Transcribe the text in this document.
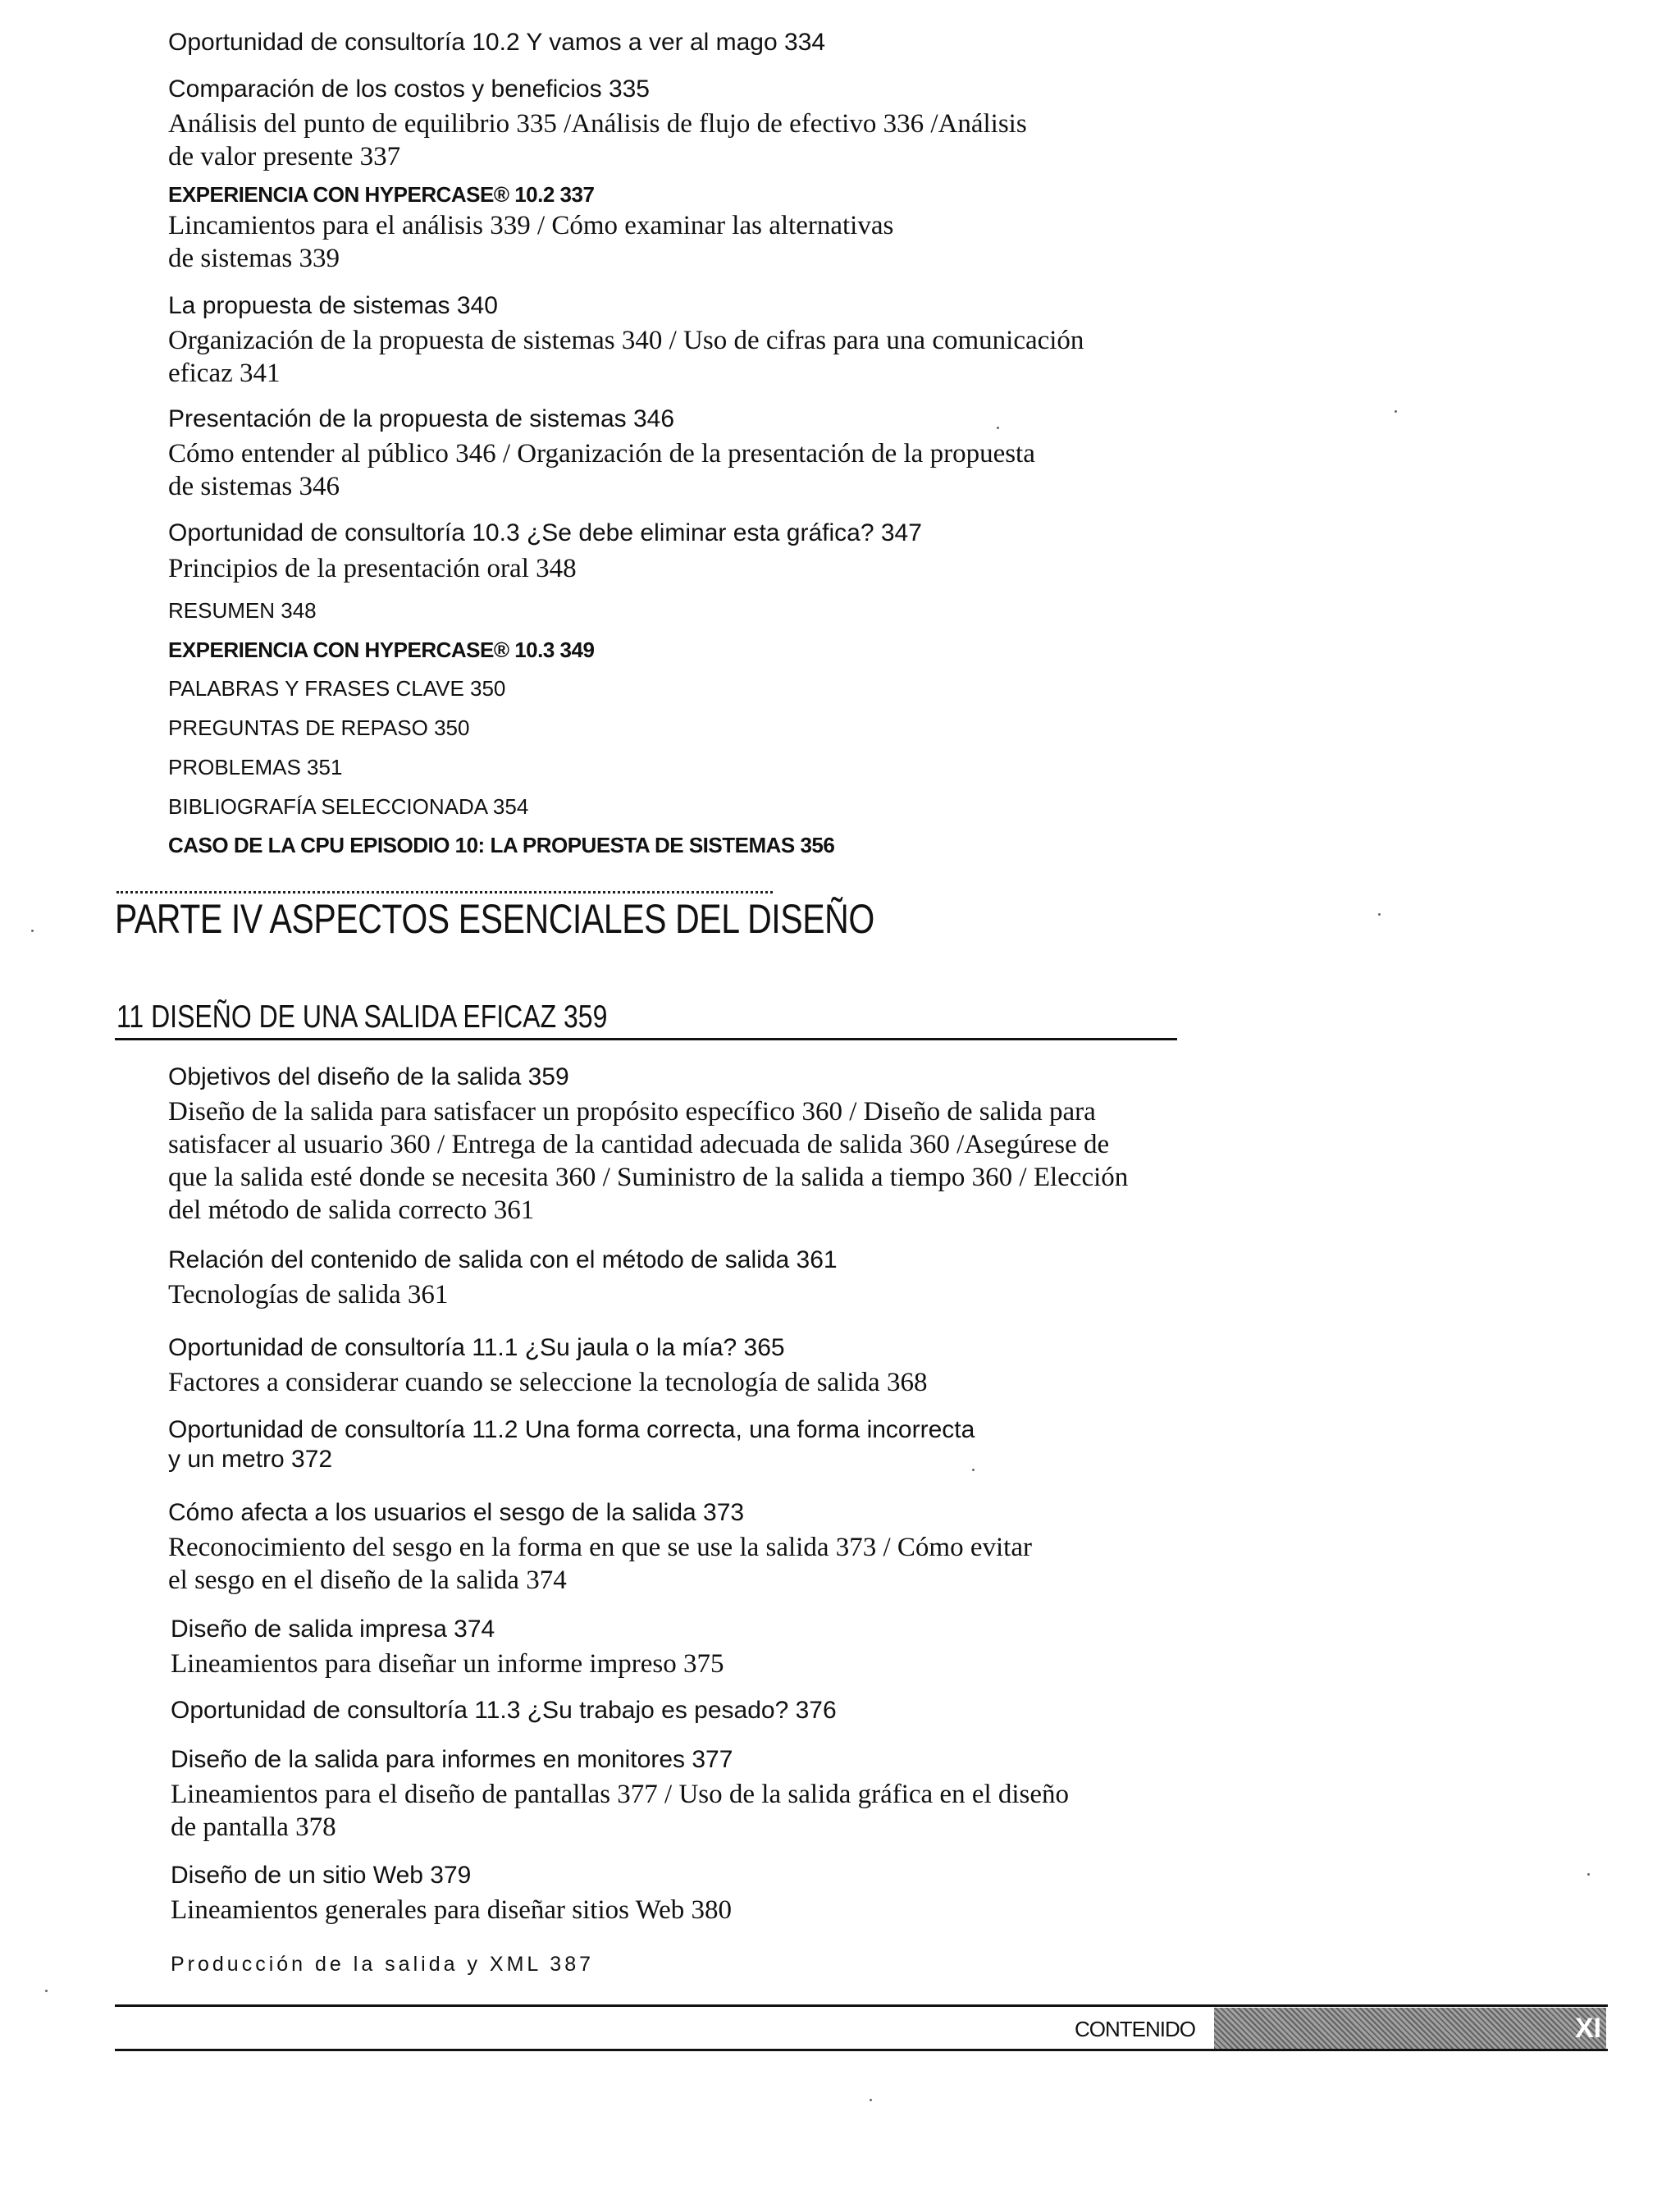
Oportunidad de consultoría 10.2 Y vamos a ver al mago 334
Comparación de los costos y beneficios 335
Análisis del punto de equilibrio 335 /Análisis de flujo de efectivo 336 /Análisis
de valor presente 337
EXPERIENCIA CON HYPERCASE® 10.2 337
Lincamientos para el análisis 339 / Cómo examinar las alternativas
de sistemas 339
La propuesta de sistemas 340
Organización de la propuesta de sistemas 340 / Uso de cifras para una comunicación
eficaz 341
Presentación de la propuesta de sistemas 346
Cómo entender al público 346 / Organización de la presentación de la propuesta
de sistemas 346
Oportunidad de consultoría 10.3 ¿Se debe eliminar esta gráfica? 347
Principios de la presentación oral 348
RESUMEN 348
EXPERIENCIA CON HYPERCASE® 10.3 349
PALABRAS Y FRASES CLAVE 350
PREGUNTAS DE REPASO 350
PROBLEMAS 351
BIBLIOGRAFÍA SELECCIONADA 354
CASO DE LA CPU EPISODIO 10: LA PROPUESTA DE SISTEMAS 356
PARTE IV ASPECTOS ESENCIALES DEL DISEÑO
11 DISEÑO DE UNA SALIDA EFICAZ 359
Objetivos del diseño de la salida 359
Diseño de la salida para satisfacer un propósito específico 360 / Diseño de salida para
satisfacer al usuario 360 / Entrega de la cantidad adecuada de salida 360 /Asegúrese de
que la salida esté donde se necesita 360 / Suministro de la salida a tiempo 360 / Elección
del método de salida correcto 361
Relación del contenido de salida con el método de salida 361
Tecnologías de salida 361
Oportunidad de consultoría 11.1 ¿Su jaula o la mía? 365
Factores a considerar cuando se seleccione la tecnología de salida 368
Oportunidad de consultoría 11.2 Una forma correcta, una forma incorrecta
y un metro 372
Cómo afecta a los usuarios el sesgo de la salida 373
Reconocimiento del sesgo en la forma en que se use la salida 373 / Cómo evitar
el sesgo en el diseño de la salida 374
Diseño de salida impresa 374
Lineamientos para diseñar un informe impreso 375
Oportunidad de consultoría 11.3 ¿Su trabajo es pesado? 376
Diseño de la salida para informes en monitores 377
Lineamientos para el diseño de pantallas 377 / Uso de la salida gráfica en el diseño
de pantalla 378
Diseño de un sitio Web 379
Lineamientos generales para diseñar sitios Web 380
Producción de la salida y XML 387
CONTENIDO	XI
